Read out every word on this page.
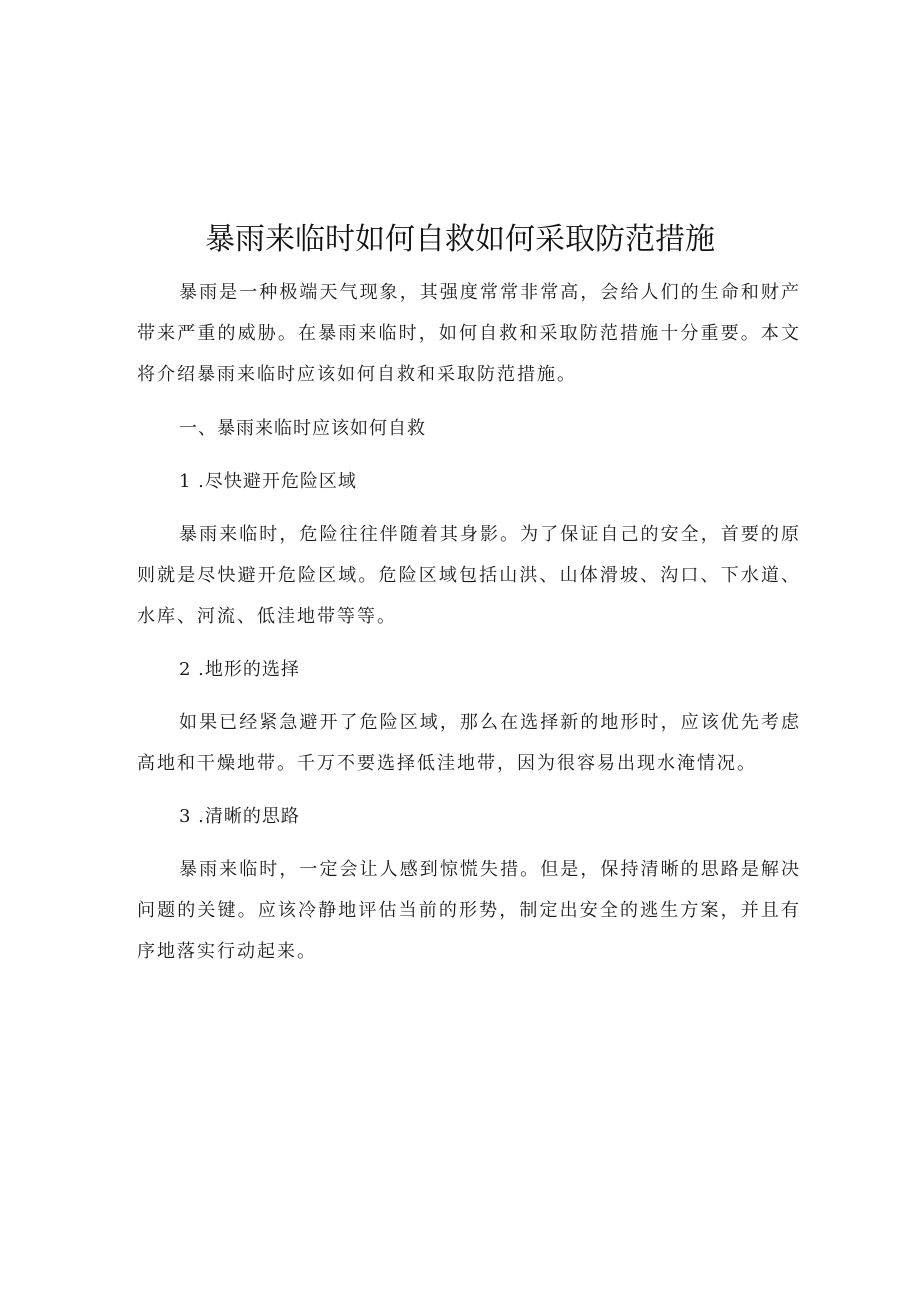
暴雨来临时如何自救如何采取防范措施

暴雨是一种极端天气现象，其强度常常非常高，会给人们的生命和财产带来严重的威胁。在暴雨来临时，如何自救和采取防范措施十分重要。本文将介绍暴雨来临时应该如何自救和采取防范措施。

一、暴雨来临时应该如何自救

1 .尽快避开危险区域

暴雨来临时，危险往往伴随着其身影。为了保证自己的安全，首要的原则就是尽快避开危险区域。危险区域包括山洪、山体滑坡、沟口、下水道、水库、河流、低洼地带等等。

2 .地形的选择

如果已经紧急避开了危险区域，那么在选择新的地形时，应该优先考虑高地和干燥地带。千万不要选择低洼地带，因为很容易出现水淹情况。

3 .清晰的思路

暴雨来临时，一定会让人感到惊慌失措。但是，保持清晰的思路是解决问题的关键。应该冷静地评估当前的形势，制定出安全的逃生方案，并且有序地落实行动起来。
